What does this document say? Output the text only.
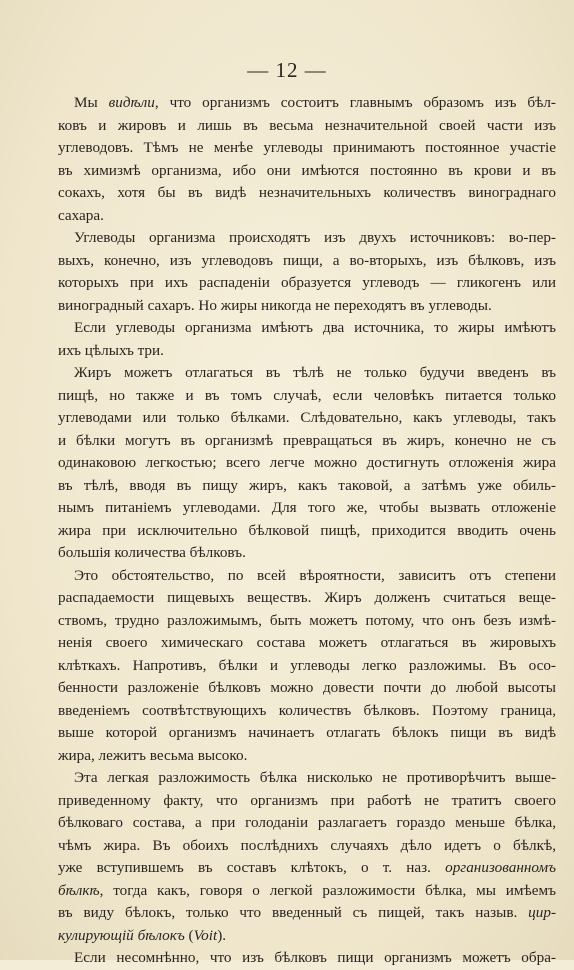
— 12 —
Мы видѣли, что организмъ состоитъ главнымъ образомъ изъ бѣл-
ковъ и жировъ и лишь въ весьма незначительной своей части изъ
углеводовъ. Тѣмъ не менѣе углеводы принимаютъ постоянное участіе
въ химизмѣ организма, ибо они имѣются постоянно въ крови и въ
сокахъ, хотя бы въ видѣ незначительныхъ количествъ винограднаго
сахара.
Углеводы организма происходятъ изъ двухъ источниковъ: во-пер-
выхъ, конечно, изъ углеводовъ пищи, а во-вторыхъ, изъ бѣлковъ, изъ
которыхъ при ихъ распаденіи образуется углеводъ — гликогенъ или
виноградный сахаръ. Но жиры никогда не переходятъ въ углеводы.
Если углеводы организма имѣютъ два источника, то жиры имѣютъ
ихъ цѣлыхъ три.
Жиръ можетъ отлагаться въ тѣлѣ не только будучи введенъ въ
пищѣ, но также и въ томъ случаѣ, если человѣкъ питается только
углеводами или только бѣлками. Слѣдовательно, какъ углеводы, такъ
и бѣлки могутъ въ организмѣ превращаться въ жиръ, конечно не съ
одинаковою легкостью; всего легче можно достигнуть отложенія жира
въ тѣлѣ, вводя въ пищу жиръ, какъ таковой, а затѣмъ уже обиль-
нымъ питаніемъ углеводами. Для того же, чтобы вызвать отложеніе
жира при исключительно бѣлковой пищѣ, приходится вводить очень
большія количества бѣлковъ.
Это обстоятельство, по всей вѣроятности, зависитъ отъ степени
распадаемости пищевыхъ веществъ. Жиръ долженъ считаться веще-
ствомъ, трудно разложимымъ, быть можетъ потому, что онъ безъ измѣ-
ненія своего химическаго состава можетъ отлагаться въ жировыхъ
клѣткахъ. Напротивъ, бѣлки и углеводы легко разложимы. Въ осо-
бенности разложеніе бѣлковъ можно довести почти до любой высоты
введеніемъ соотвѣтствующихъ количествъ бѣлковъ. Поэтому граница,
выше которой организмъ начинаетъ отлагать бѣлокъ пищи въ видѣ
жира, лежитъ весьма высоко.
Эта легкая разложимость бѣлка нисколько не противорѣчитъ выше-
приведенному факту, что организмъ при работѣ не тратитъ своего
бѣлковаго состава, а при голоданіи разлагаетъ гораздо меньше бѣлка,
чѣмъ жира. Въ обоихъ послѣднихъ случаяхъ дѣло идетъ о бѣлкѣ,
уже вступившемъ въ составъ клѣтокъ, о т. наз. организованномъ
бѣлкѣ, тогда какъ, говоря о легкой разложимости бѣлка, мы имѣемъ
въ виду бѣлокъ, только что введенный съ пищей, такъ назыв. цир-
кулирующій бѣлокъ (Voit).
Если несомнѣнно, что изъ бѣлковъ пищи организмъ можетъ обра-
